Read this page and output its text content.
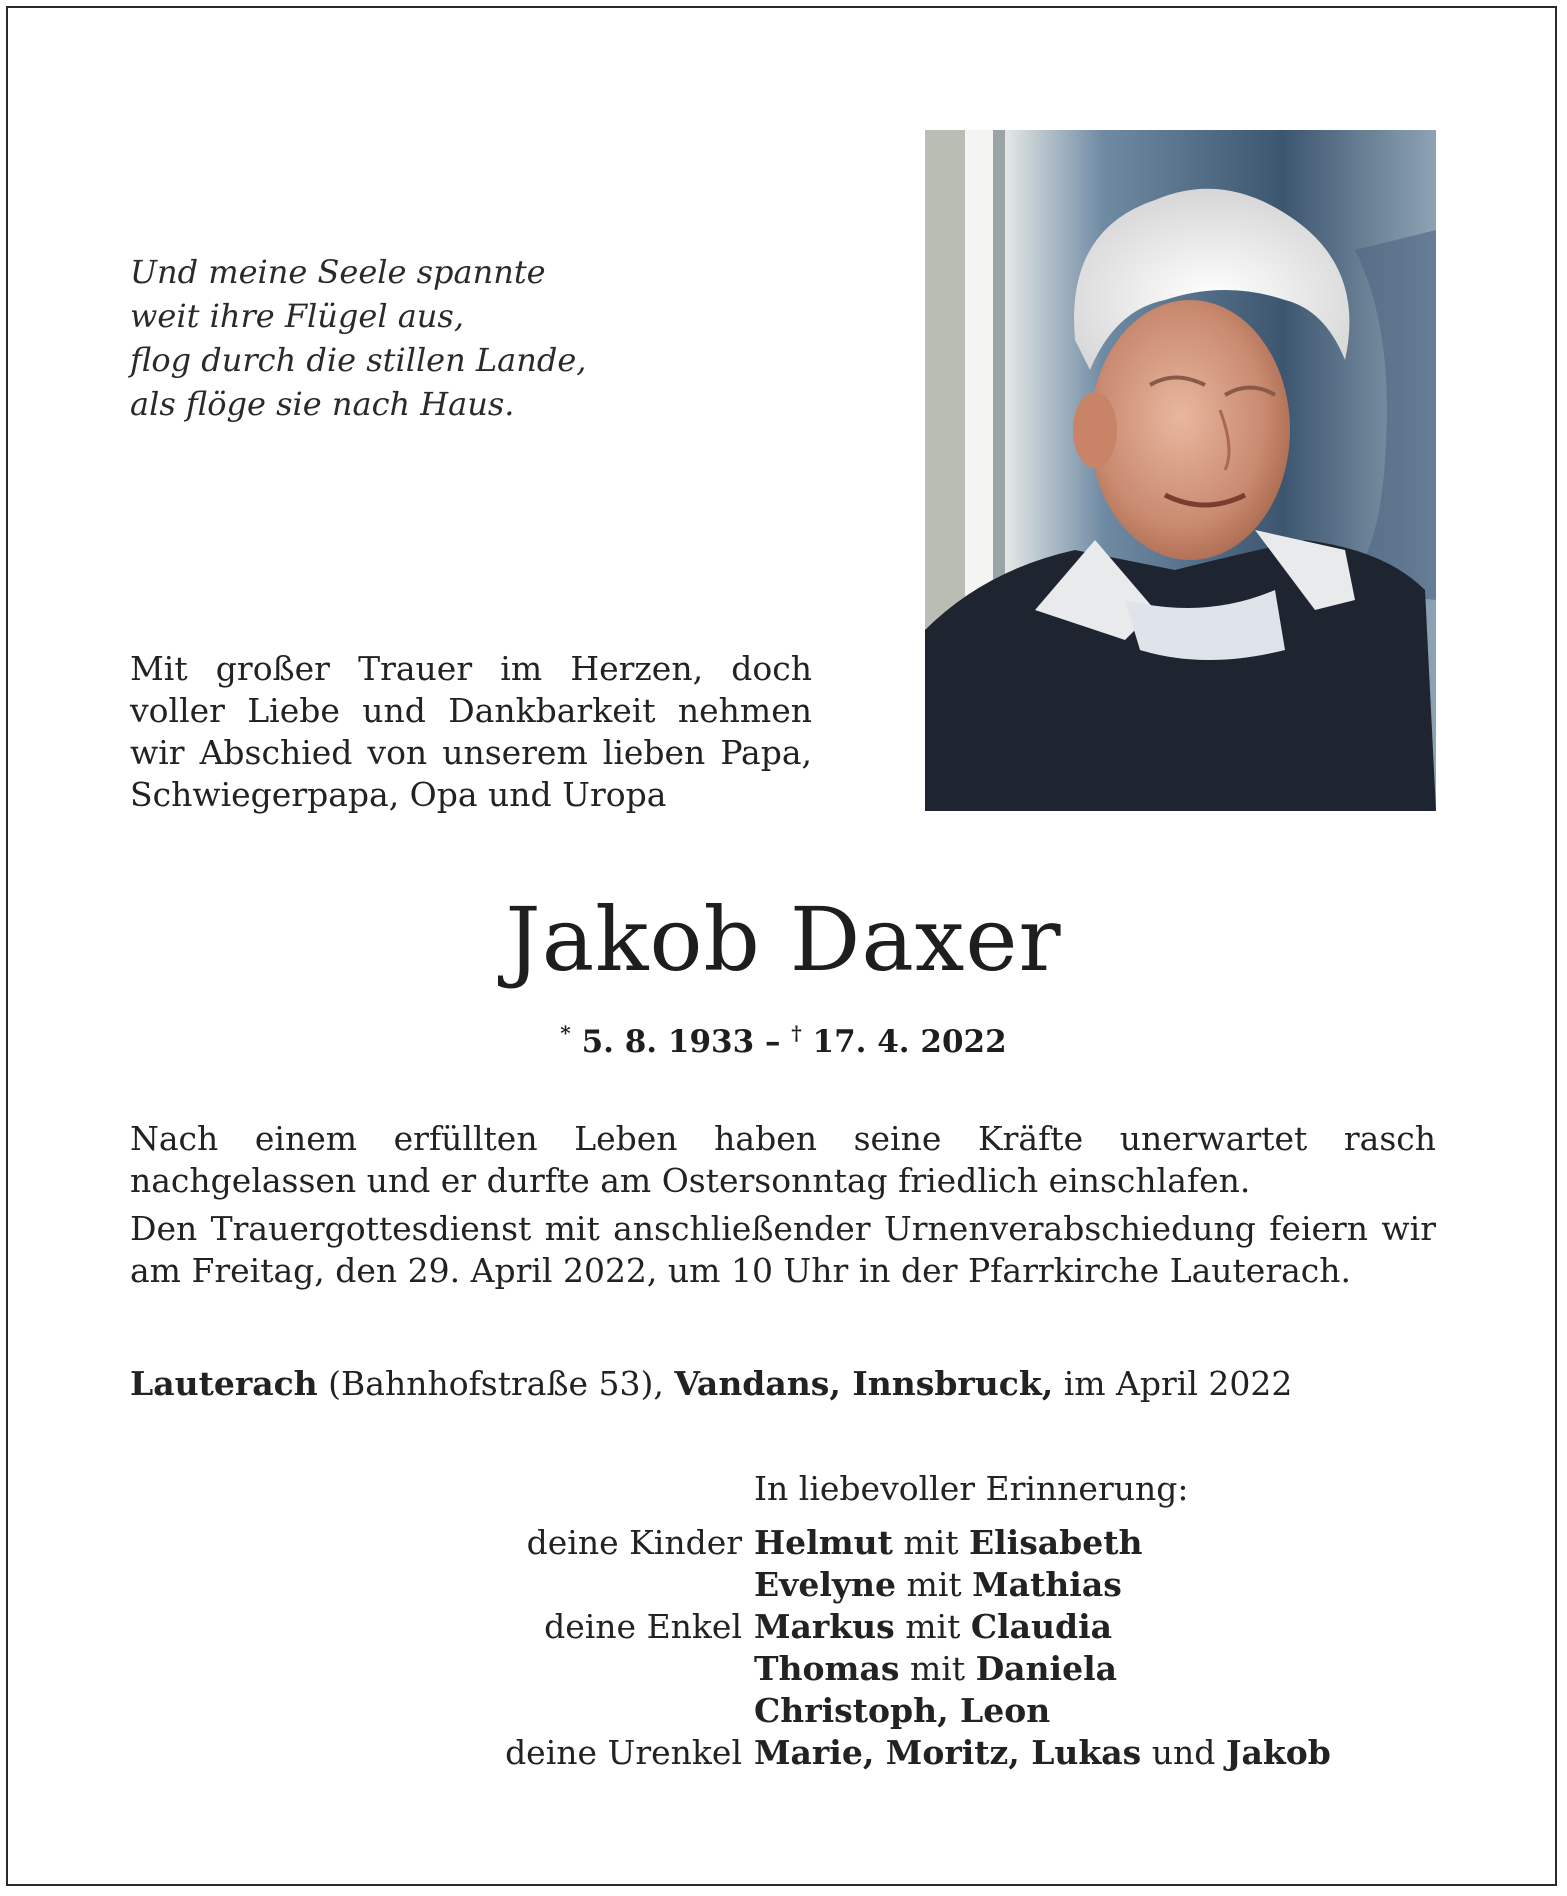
Und meine Seele spannte
weit ihre Flügel aus,
flog durch die stillen Lande,
als flöge sie nach Haus.
Mit großer Trauer im Herzen, doch voller Liebe und Dankbarkeit nehmen wir Abschied von unserem lieben Papa, Schwiegerpapa, Opa und Uropa
Jakob Daxer
* 5. 8. 1933 – † 17. 4. 2022

Nach einem erfüllten Leben haben seine Kräfte unerwartet rasch nachgelassen und er durfte am Ostersonntag friedlich einschlafen.

Den Trauergottesdienst mit anschließender Urnenverabschiedung feiern wir am Freitag, den 29. April 2022, um 10 Uhr in der Pfarrkirche Lauterach.

Lauterach (Bahnhofstraße 53), Vandans, Innsbruck, im April 2022
In liebevoller Erinnerung:
deine Kinder Helmut mit Elisabeth
Evelyne mit Mathias
deine Enkel Markus mit Claudia
Thomas mit Daniela
Christoph, Leon
deine Urenkel Marie, Moritz, Lukas und Jakob
